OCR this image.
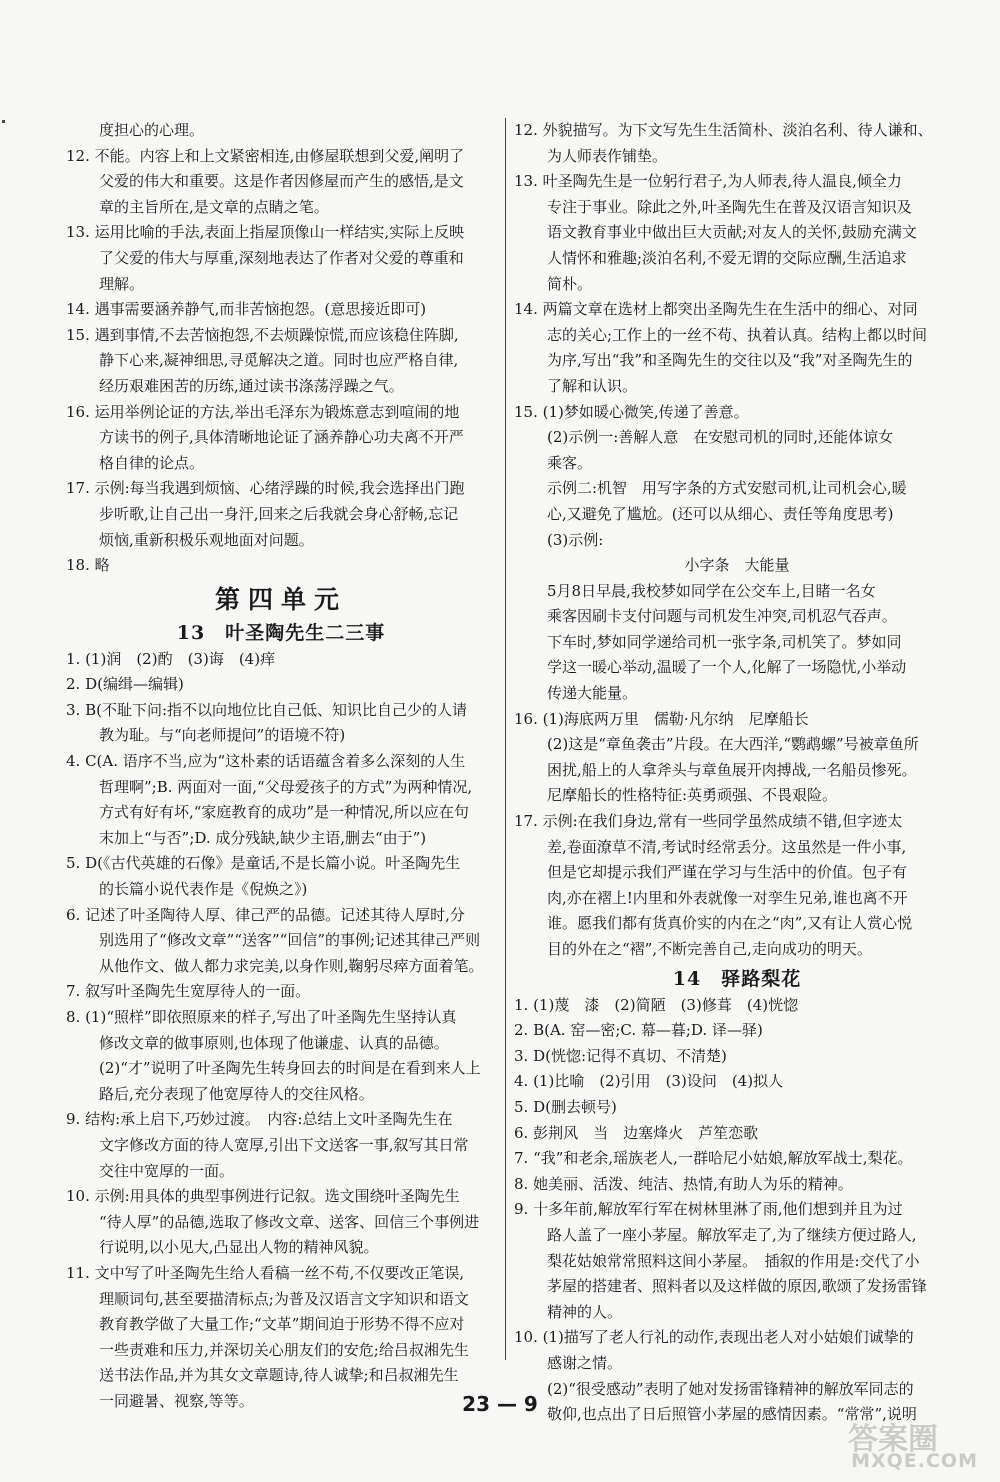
度担心的心理。
12. 不能。内容上和上文紧密相连,由修屋联想到父爱,阐明了
父爱的伟大和重要。这是作者因修屋而产生的感悟,是文
章的主旨所在,是文章的点睛之笔。
13. 运用比喻的手法,表面上指屋顶像山一样结实,实际上反映
了父爱的伟大与厚重,深刻地表达了作者对父爱的尊重和
理解。
14. 遇事需要涵养静气,而非苦恼抱怨。(意思接近即可)
15. 遇到事情,不去苦恼抱怨,不去烦躁惊慌,而应该稳住阵脚,
静下心来,凝神细思,寻觅解决之道。同时也应严格自律,
经历艰难困苦的历练,通过读书涤荡浮躁之气。
16. 运用举例论证的方法,举出毛泽东为锻炼意志到喧闹的地
方读书的例子,具体清晰地论证了涵养静心功夫离不开严
格自律的论点。
17. 示例:每当我遇到烦恼、心绪浮躁的时候,我会选择出门跑
步听歌,让自己出一身汗,回来之后我就会身心舒畅,忘记
烦恼,重新积极乐观地面对问题。
18. 略
第四单元
13　叶圣陶先生二三事
1. (1)润　(2)酌　(3)诲　(4)痒
2. D(编缉—编辑)
3. B(不耻下问:指不以向地位比自己低、知识比自己少的人请
教为耻。与“向老师提问”的语境不符)
4. C(A. 语序不当,应为“这朴素的话语蕴含着多么深刻的人生
哲理啊”;B. 两面对一面,“父母爱孩子的方式”为两种情况,
方式有好有坏,“家庭教育的成功”是一种情况,所以应在句
末加上“与否”;D. 成分残缺,缺少主语,删去“由于”)
5. D(《古代英雄的石像》是童话,不是长篇小说。叶圣陶先生
的长篇小说代表作是《倪焕之》)
6. 记述了叶圣陶待人厚、律己严的品德。记述其待人厚时,分
别选用了“修改文章”“送客”“回信”的事例;记述其律己严则
从他作文、做人都力求完美,以身作则,鞠躬尽瘁方面着笔。
7. 叙写叶圣陶先生宽厚待人的一面。
8. (1)“照样”即依照原来的样子,写出了叶圣陶先生坚持认真
修改文章的做事原则,也体现了他谦虚、认真的品德。
(2)“才”说明了叶圣陶先生转身回去的时间是在看到来人上
路后,充分表现了他宽厚待人的交往风格。
9. 结构:承上启下,巧妙过渡。　内容:总结上文叶圣陶先生在
文字修改方面的待人宽厚,引出下文送客一事,叙写其日常
交往中宽厚的一面。
10. 示例:用具体的典型事例进行记叙。选文围绕叶圣陶先生
“待人厚”的品德,选取了修改文章、送客、回信三个事例进
行说明,以小见大,凸显出人物的精神风貌。
11. 文中写了叶圣陶先生给人看稿一丝不苟,不仅要改正笔误,
理顺词句,甚至要描清标点;为普及汉语言文字知识和语文
教育教学做了大量工作;“文革”期间迫于形势不得不应对
一些责难和压力,并深切关心朋友们的安危;给吕叔湘先生
送书法作品,并为其女文章题诗,待人诚挚;和吕叔湘先生
一同避暑、视察,等等。
12. 外貌描写。为下文写先生生活简朴、淡泊名利、待人谦和、
为人师表作铺垫。
13. 叶圣陶先生是一位躬行君子,为人师表,待人温良,倾全力
专注于事业。除此之外,叶圣陶先生在普及汉语言知识及
语文教育事业中做出巨大贡献;对友人的关怀,鼓励充满文
人情怀和雅趣;淡泊名利,不爱无谓的交际应酬,生活追求
简朴。
14. 两篇文章在选材上都突出圣陶先生在生活中的细心、对同
志的关心;工作上的一丝不苟、执着认真。结构上都以时间
为序,写出“我”和圣陶先生的交往以及“我”对圣陶先生的
了解和认识。
15. (1)梦如暖心微笑,传递了善意。
(2)示例一:善解人意　在安慰司机的同时,还能体谅女
乘客。
示例二:机智　用写字条的方式安慰司机,让司机会心,暖
心,又避免了尴尬。(还可以从细心、责任等角度思考)
(3)示例:
小字条　大能量
5月8日早晨,我校梦如同学在公交车上,目睹一名女
乘客因刷卡支付问题与司机发生冲突,司机忍气吞声。
下车时,梦如同学递给司机一张字条,司机笑了。梦如同
学这一暖心举动,温暖了一个人,化解了一场隐忧,小举动
传递大能量。
16. (1)海底两万里　儒勒·凡尔纳　尼摩船长
(2)这是“章鱼袭击”片段。在大西洋,“鹦鹉螺”号被章鱼所
困扰,船上的人拿斧头与章鱼展开肉搏战,一名船员惨死。
尼摩船长的性格特征:英勇顽强、不畏艰险。
17. 示例:在我们身边,常有一些同学虽然成绩不错,但字迹太
差,卷面潦草不清,考试时经常丢分。这虽然是一件小事,
但是它却提示我们严谨在学习与生活中的价值。包子有
肉,亦在褶上!内里和外表就像一对孪生兄弟,谁也离不开
谁。愿我们都有货真价实的内在之“肉”,又有让人赏心悦
目的外在之“褶”,不断完善自己,走向成功的明天。
14　驿路梨花
1. (1)蔑　漆　(2)简陋　(3)修葺　(4)恍惚
2. B(A. 窑—密;C. 幕—暮;D. 译—驿)
3. D(恍惚:记得不真切、不清楚)
4. (1)比喻　(2)引用　(3)设问　(4)拟人
5. D(删去顿号)
6. 彭荆风　当　边塞烽火　芦笙恋歌
7. “我”和老余,瑶族老人,一群哈尼小姑娘,解放军战士,梨花。
8. 她美丽、活泼、纯洁、热情,有助人为乐的精神。
9. 十多年前,解放军行军在树林里淋了雨,他们想到并且为过
路人盖了一座小茅屋。解放军走了,为了继续方便过路人,
梨花姑娘常常照料这间小茅屋。　插叙的作用是:交代了小
茅屋的搭建者、照料者以及这样做的原因,歌颂了发扬雷锋
精神的人。
10. (1)描写了老人行礼的动作,表现出老人对小姑娘们诚挚的
感谢之情。
(2)“很受感动”表明了她对发扬雷锋精神的解放军同志的
敬仰,也点出了日后照管小茅屋的感情因素。“常常”,说明
23 — 9
答案圈
MXQE.COM
